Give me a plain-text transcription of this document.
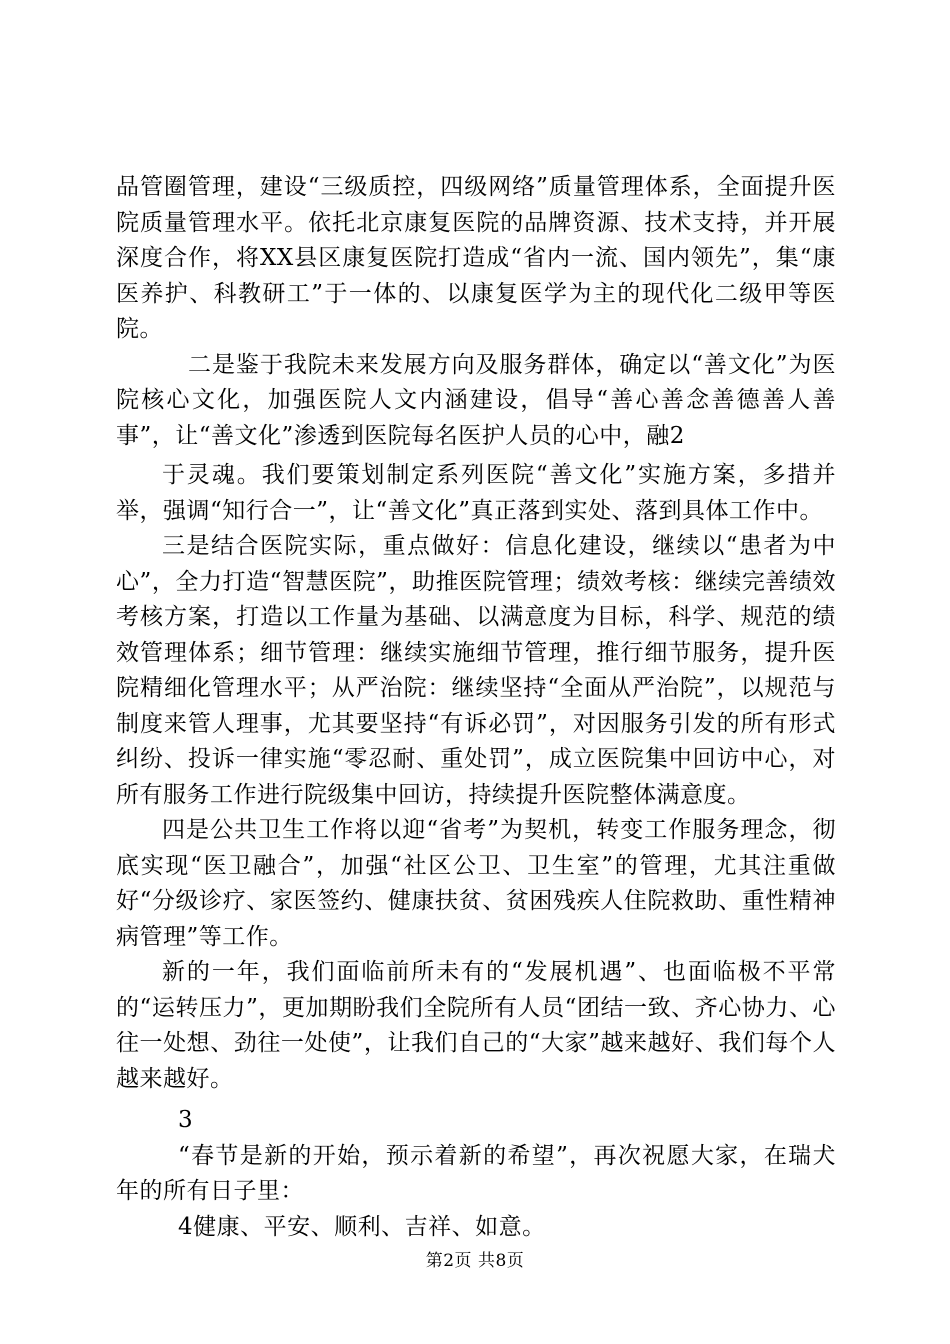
品管圈管理，建设“三级质控，四级网络”质量管理体系，全面提升医院质量管理水平。依托北京康复医院的品牌资源、技术支持，并开展深度合作，将XX县区康复医院打造成“省内一流、国内领先”，集“康医养护、科教研工”于一体的、以康复医学为主的现代化二级甲等医院。

二是鉴于我院未来发展方向及服务群体，确定以“善文化”为医院核心文化，加强医院人文内涵建设，倡导“善心善念善德善人善事”，让“善文化”渗透到医院每名医护人员的心中，融2

于灵魂。我们要策划制定系列医院“善文化”实施方案，多措并举，强调“知行合一”，让“善文化”真正落到实处、落到具体工作中。

三是结合医院实际，重点做好：信息化建设，继续以“患者为中心”，全力打造“智慧医院”，助推医院管理；绩效考核：继续完善绩效考核方案，打造以工作量为基础、以满意度为目标，科学、规范的绩效管理体系；细节管理：继续实施细节管理，推行细节服务，提升医院精细化管理水平；从严治院：继续坚持“全面从严治院”，以规范与制度来管人理事，尤其要坚持“有诉必罚”，对因服务引发的所有形式纠纷、投诉一律实施“零忍耐、重处罚”，成立医院集中回访中心，对所有服务工作进行院级集中回访，持续提升医院整体满意度。

四是公共卫生工作将以迎“省考”为契机，转变工作服务理念，彻底实现“医卫融合”，加强“社区公卫、卫生室”的管理，尤其注重做好“分级诊疗、家医签约、健康扶贫、贫困残疾人住院救助、重性精神病管理”等工作。

新的一年，我们面临前所未有的“发展机遇”、也面临极不平常的“运转压力”，更加期盼我们全院所有人员“团结一致、齐心协力、心往一处想、劲往一处使”，让我们自己的“大家”越来越好、我们每个人越来越好。

3

“春节是新的开始，预示着新的希望”，再次祝愿大家，在瑞犬年的所有日子里：

4健康、平安、顺利、吉祥、如意。

第2页 共8页
